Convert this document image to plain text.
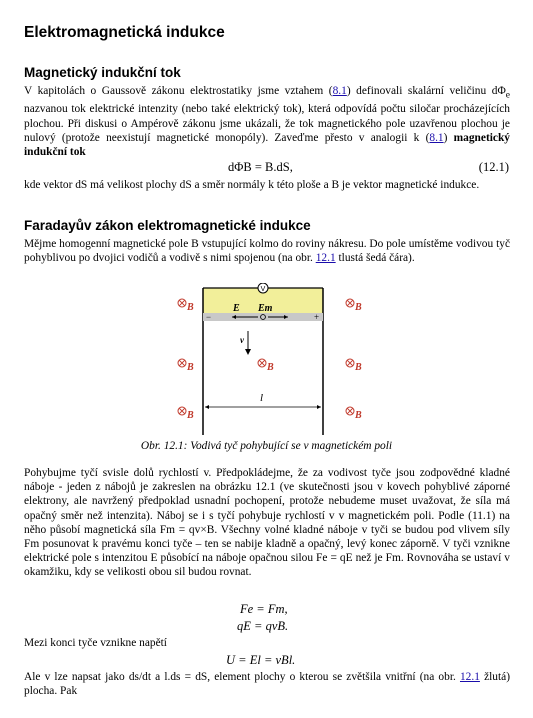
Elektromagnetická indukce
Magnetický indukční tok

V kapitolách o Gaussově zákonu elektrostatiky jsme vztahem (8.1) definovali skalární veličinu $d\Phi_e$ nazvanou tok elektrické intenzity (nebo také elektrický tok), která odpovídá počtu siločar procházejících plochou. Při diskusi o Ampérově zákonu jsme ukázali, že tok magnetického pole uzavřenou plochou je nulový (protože neexistují magnetické monopóly). Zaveďme přesto v analogii k (8.1) magnetický indukční tok

dΦB = B.dS,	(12.1)

kde vektor dS má velikost plochy dS a směr normály k této ploše a B je vektor magnetické indukce.

Faradayův zákon elektromagnetické indukce

Mějme homogenní magnetické pole B vstupující kolmo do roviny nákresu. Do pole umístěme vodivou tyč pohyblivou po dvojici vodičů a vodivě s nimi spojenou (na obr. 12.1 tlustá šedá čára).

V
E Em
−	+
v
l
B	B
B	B	B
B	B
Obr. 12.1: Vodivá tyč pohybující se v magnetickém poli

Pohybujme tyčí svisle dolů rychlostí v. Předpokládejme, že za vodivost tyče jsou zodpovědné kladné náboje - jeden z nábojů je zakreslen na obrázku 12.1 (ve skutečnosti jsou v kovech pohyblivé záporné elektrony, ale navržený předpoklad usnadní pochopení, protože nebudeme muset uvažovat, že síla má opačný směr než intenzita). Náboj se i s tyčí pohybuje rychlostí v v magnetickém poli. Podle (11.1) na něho působí magnetická síla Fm = qv×B. Všechny volné kladné náboje v tyči se budou pod vlivem síly Fm posunovat k pravému konci tyče – ten se nabije kladně a opačný, levý konec záporně. V tyči vznikne elektrické pole s intenzitou E působící na náboje opačnou silou Fe = qE než je Fm. Rovnováha se ustaví v okamžiku, kdy se velikosti obou sil budou rovnat.

Fe = Fm,
qE = qvB.

Mezi konci tyče vznikne napětí

U = El = vBl.

Ale v lze napsat jako ds/dt a l.ds = dS, element plochy o kterou se zvětšila vnitřní (na obr. 12.1 žlutá) plocha. Pak
